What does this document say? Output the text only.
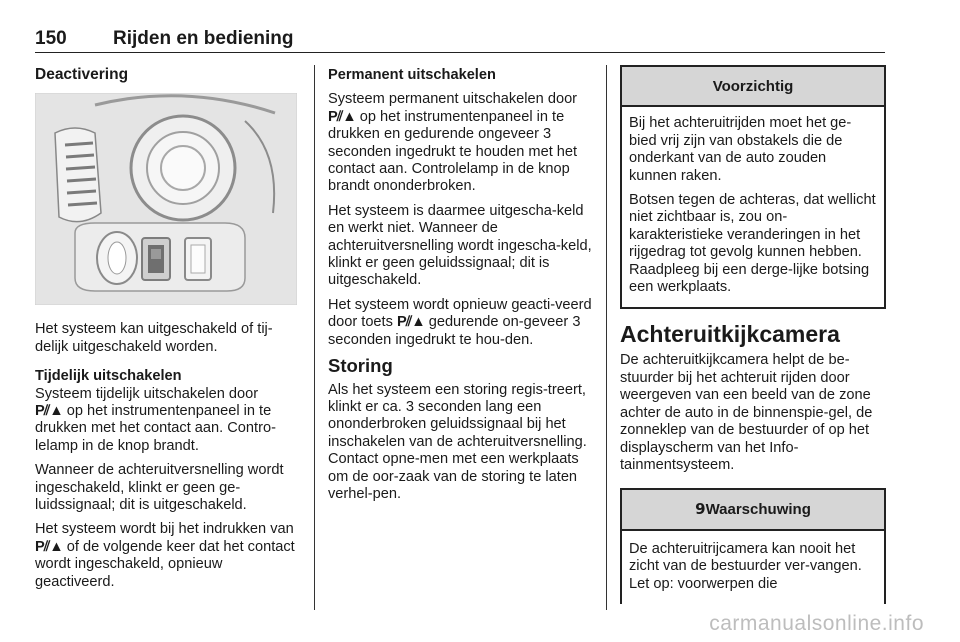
150 Rijden en bediening
Deactivering

Het systeem kan uitgeschakeld of tij-delijk uitgeschakeld worden.

Tijdelijk uitschakelen

Systeem tijdelijk uitschakelen door
P⫽▲ op het instrumentenpaneel in te drukken met het contact aan. Contro-lelamp in de knop brandt.

Wanneer de achteruitversnelling wordt ingeschakeld, klinkt er geen ge-luidssignaal; dit is uitgeschakeld.

Het systeem wordt bij het indrukken van P⫽▲ of de volgende keer dat het contact wordt ingeschakeld, opnieuw geactiveerd.

Permanent uitschakelen

Systeem permanent uitschakelen door P⫽▲ op het instrumentenpaneel in te drukken en gedurende ongeveer 3 seconden ingedrukt te houden met het contact aan. Controlelamp in de knop brandt ononderbroken.

Het systeem is daarmee uitgescha-keld en werkt niet. Wanneer de achteruitversnelling wordt ingescha-keld, klinkt er geen geluidssignaal; dit is uitgeschakeld.

Het systeem wordt opnieuw geacti-veerd door toets P⫽▲ gedurende on-geveer 3 seconden ingedrukt te hou-den.

Storing

Als het systeem een storing regis-treert, klinkt er ca. 3 seconden lang een ononderbroken geluidssignaal bij het inschakelen van de achteruitversnelling. Contact opne-men met een werkplaats om de oor-zaak van de storing te laten verhel-pen.

Voorzichtig

Bij het achteruitrijden moet het ge-bied vrij zijn van obstakels die de onderkant van de auto zouden kunnen raken.

Botsen tegen de achteras, dat wellicht niet zichtbaar is, zou on-karakteristieke veranderingen in het rijgedrag tot gevolg kunnen hebben. Raadpleeg bij een derge-lijke botsing een werkplaats.

Achteruitkijkcamera

De achteruitkijkcamera helpt de be-stuurder bij het achteruit rijden door weergeven van een beeld van de zone achter de auto in de binnenspie-gel, de zonneklep van de bestuurder of op het displayscherm van het Info-tainmentsysteem.

9Waarschuwing

De achteruitrijcamera kan nooit het zicht van de bestuurder ver-vangen. Let op: voorwerpen die

carmanualsonline.info
